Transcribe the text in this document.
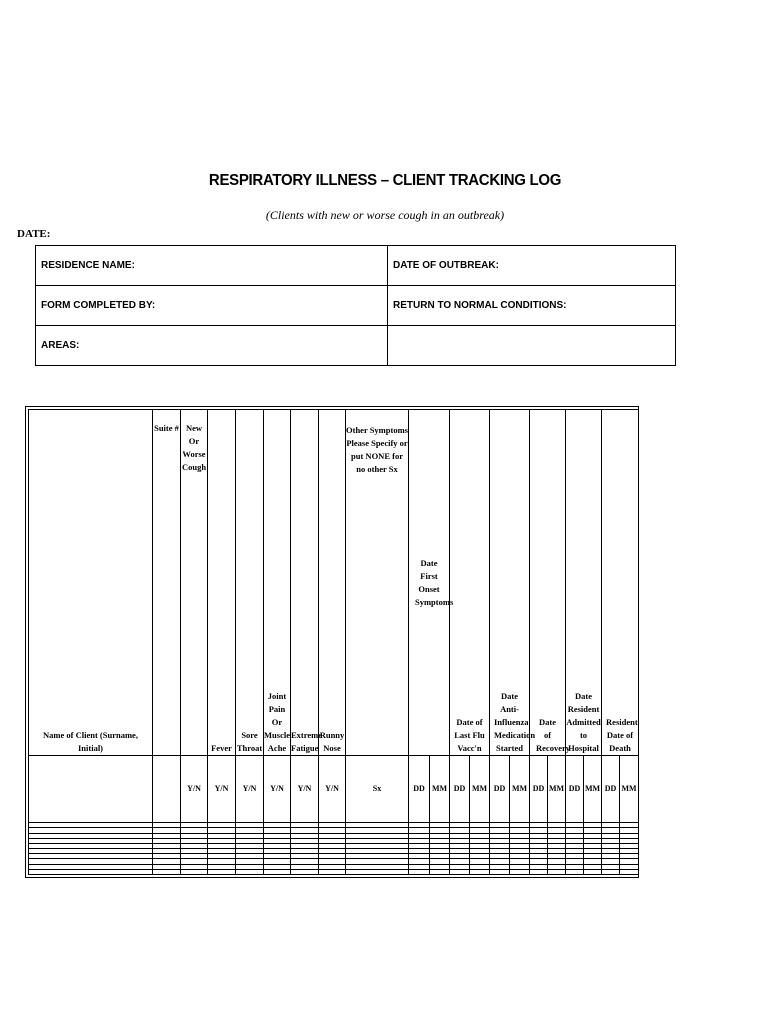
RESPIRATORY ILLNESS – CLIENT TRACKING LOG
(Clients with new or worse cough in an outbreak)
DATE:
RESIDENCE NAME:	DATE OF OUTBREAK:
FORM COMPLETED BY:	RETURN TO NORMAL CONDITIONS:
AREAS:	
Name of Client (Surname, Initial)	Suite #	New Or Worse Cough	Fever	Sore Throat	Joint Pain Or Muscle Ache	Extreme Fatigue	Runny Nose	Other Symptoms Please Specify or put NONE for no other Sx	Date First Onset Symptoms		Date of Last Flu Vacc'n		Date Anti-Influenza Medication Started		Date of Recovery		Date Resident Admitted to Hospital		Resident Date of Death	
		Y/N	Y/N	Y/N	Y/N	Y/N	Y/N	Sx	DD	MM	DD	MM	DD	MM	DD	MM	DD	MM	DD	MM
